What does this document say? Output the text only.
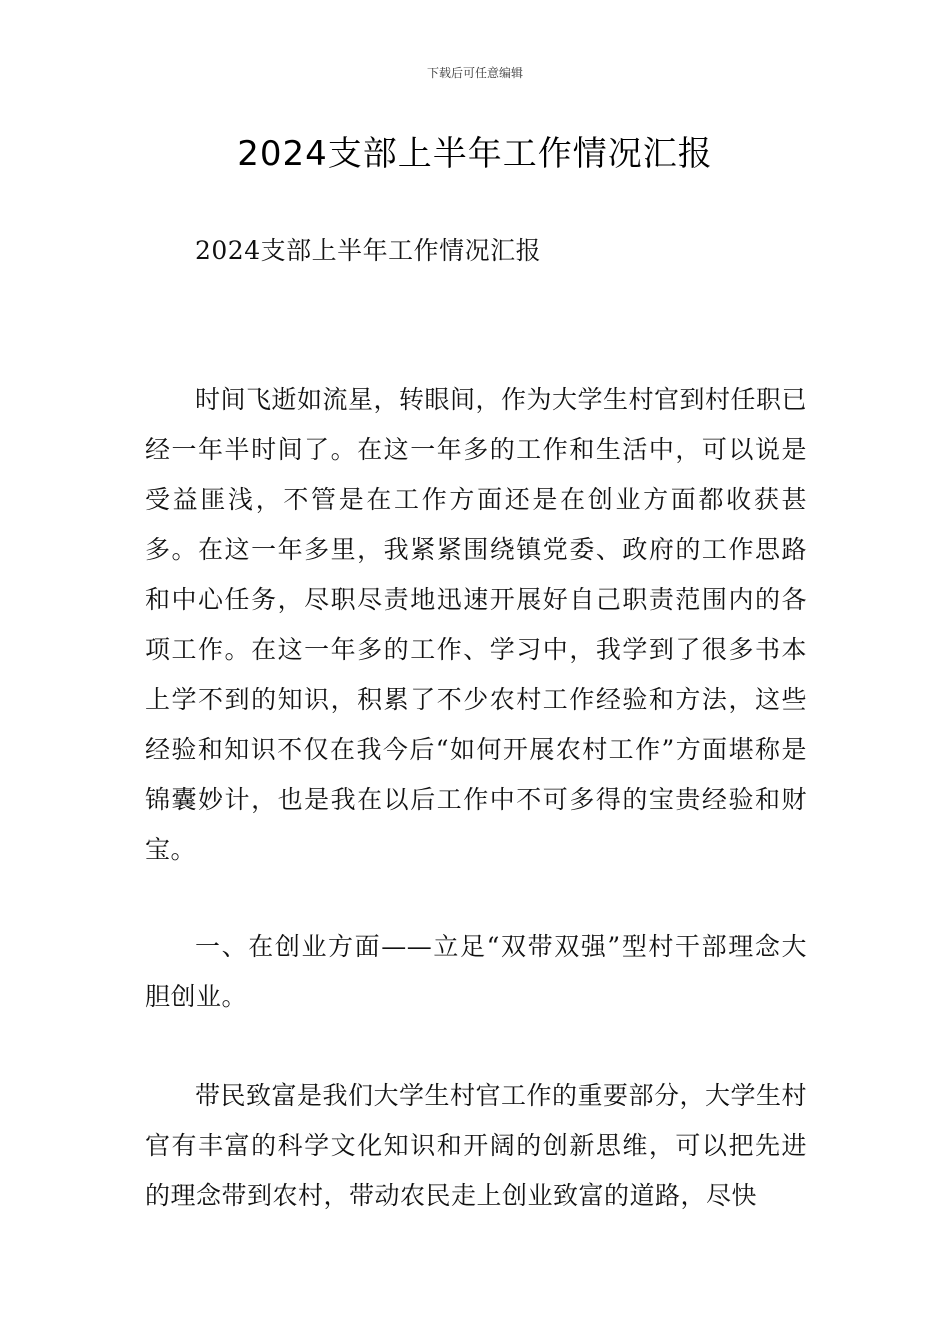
下载后可任意编辑
2024支部上半年工作情况汇报

2024支部上半年工作情况汇报

时间飞逝如流星，转眼间，作为大学生村官到村任职已经一年半时间了。在这一年多的工作和生活中，可以说是受益匪浅，不管是在工作方面还是在创业方面都收获甚多。在这一年多里，我紧紧围绕镇党委、政府的工作思路和中心任务，尽职尽责地迅速开展好自己职责范围内的各项工作。在这一年多的工作、学习中，我学到了很多书本上学不到的知识，积累了不少农村工作经验和方法，这些经验和知识不仅在我今后“如何开展农村工作”方面堪称是锦囊妙计，也是我在以后工作中不可多得的宝贵经验和财宝。

一、在创业方面——立足“双带双强”型村干部理念大胆创业。

带民致富是我们大学生村官工作的重要部分，大学生村官有丰富的科学文化知识和开阔的创新思维，可以把先进的理念带到农村，带动农民走上创业致富的道路，尽快
